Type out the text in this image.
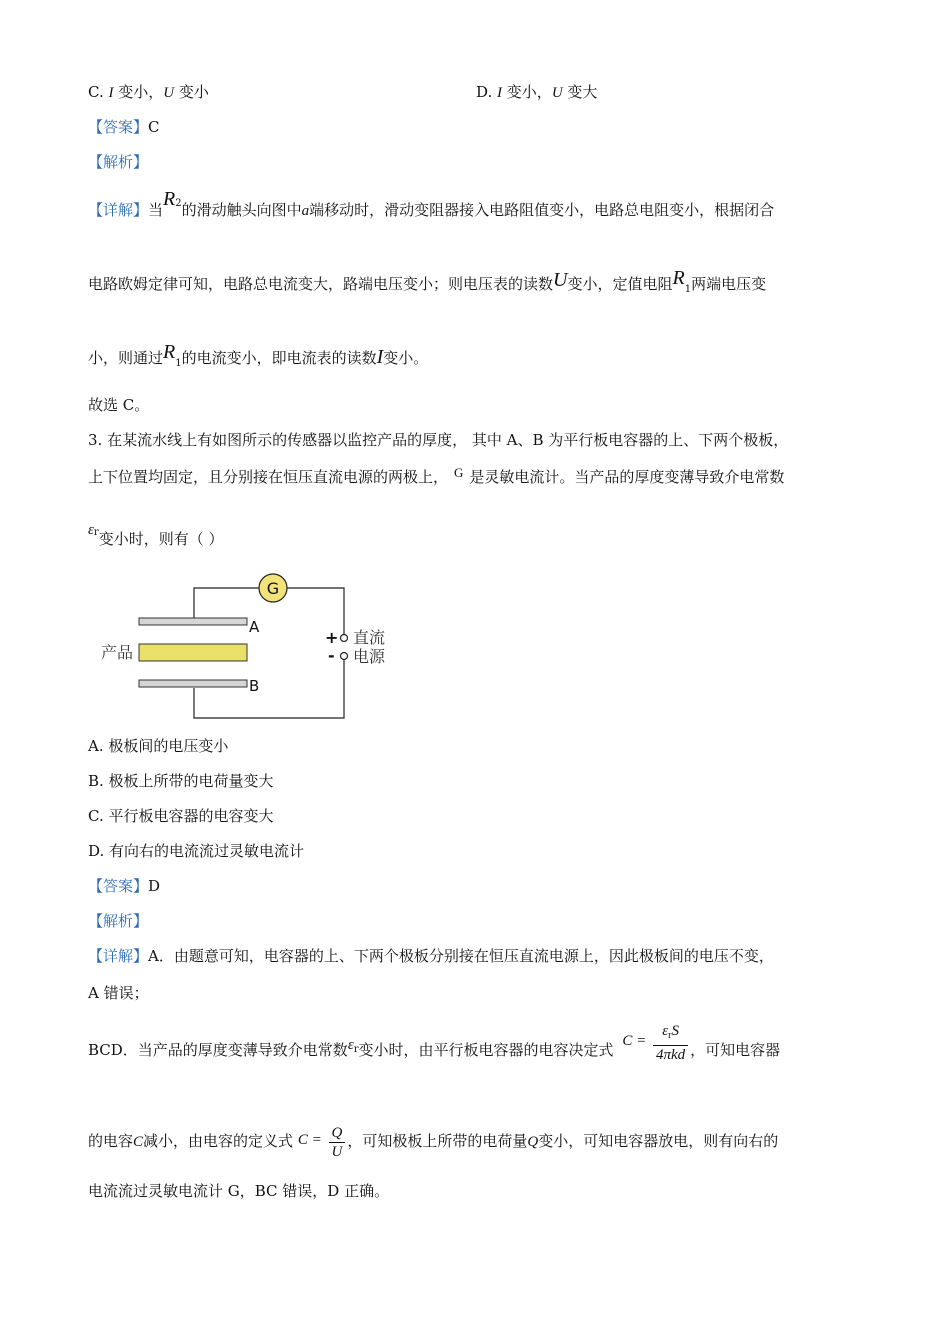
C. I 变小，U 变小	D. I 变小，U 变大
【答案】C
【解析】
【详解】当$R_2$的滑动触头向图中a端移动时，滑动变阻器接入电路阻值变小，电路总电阻变小，根据闭合
电路欧姆定律可知，电路总电流变大，路端电压变小；则电压表的读数U变小，定值电阻$R_1$两端电压变
小，则通过$R_1$的电流变小，即电流表的读数I变小。
故选 C。
3. 在某流水线上有如图所示的传感器以监控产品的厚度， 其中 A、B 为平行板电容器的上、下两个极板，
上下位置均固定，且分别接在恒压直流电源的两极上， G 是灵敏电流计。当产品的厚度变薄导致介电常数
$\varepsilon_r$变小时，则有（ ）
G
A
产品
B
+
-
直流
电源
A. 极板间的电压变小
B. 极板上所带的电荷量变大
C. 平行板电容器的电容变大
D. 有向右的电流流过灵敏电流计
【答案】D
【解析】
【详解】A．由题意可知，电容器的上、下两个极板分别接在恒压直流电源上，因此极板间的电压不变，
A 错误；
BCD．当产品的厚度变薄导致介电常数$\varepsilon_r$变小时，由平行板电容器的电容决定式 $C = \frac{\varepsilon_rS}{\text{4πkd}}$ ，可知电容器
的电容C减小，由电容的定义式 $C = \frac{Q}{U}$ ，可知极板上所带的电荷量Q变小，可知电容器放电，则有向右的
电流流过灵敏电流计 G，BC 错误，D 正确。
